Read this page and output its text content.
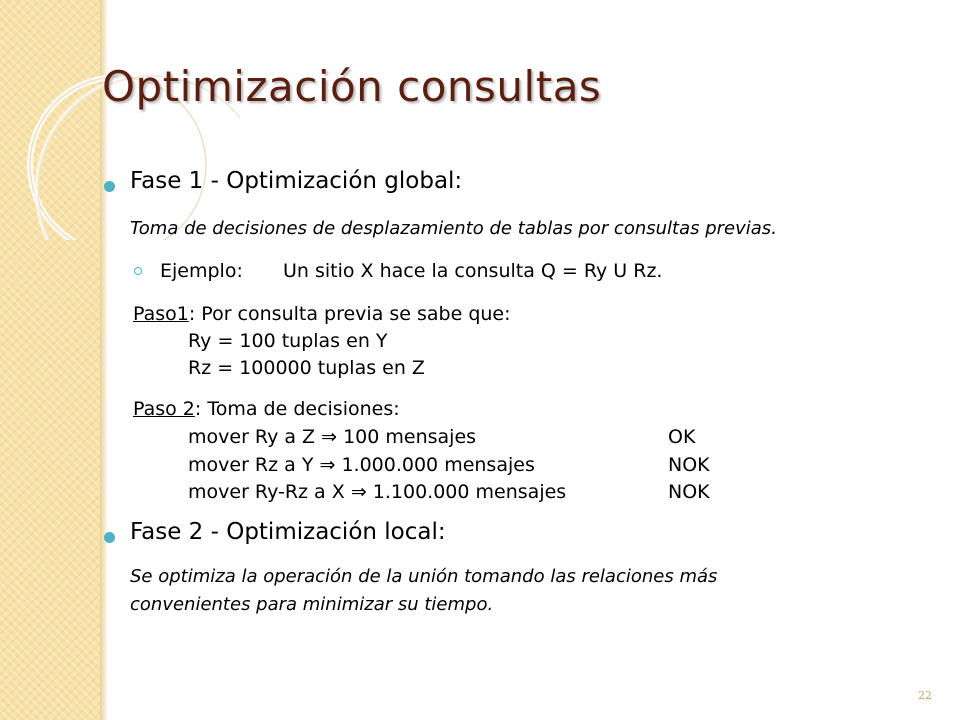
Optimización consultas
Fase 1 - Optimización global:
Toma de decisiones de desplazamiento de tablas por consultas previas.
Ejemplo: Un sitio X hace la consulta Q = Ry U Rz.
Paso1: Por consulta previa se sabe que:
Ry = 100 tuplas en Y
Rz = 100000 tuplas en Z
Paso 2: Toma de decisiones:
mover Ry a Z ⇒ 100 mensajes	OK
mover Rz a Y ⇒ 1.000.000 mensajes	NOK
mover Ry-Rz a X ⇒ 1.100.000 mensajes	NOK
Fase 2 - Optimización local:
Se optimiza la operación de la unión tomando las relaciones más
convenientes para minimizar su tiempo.
22
